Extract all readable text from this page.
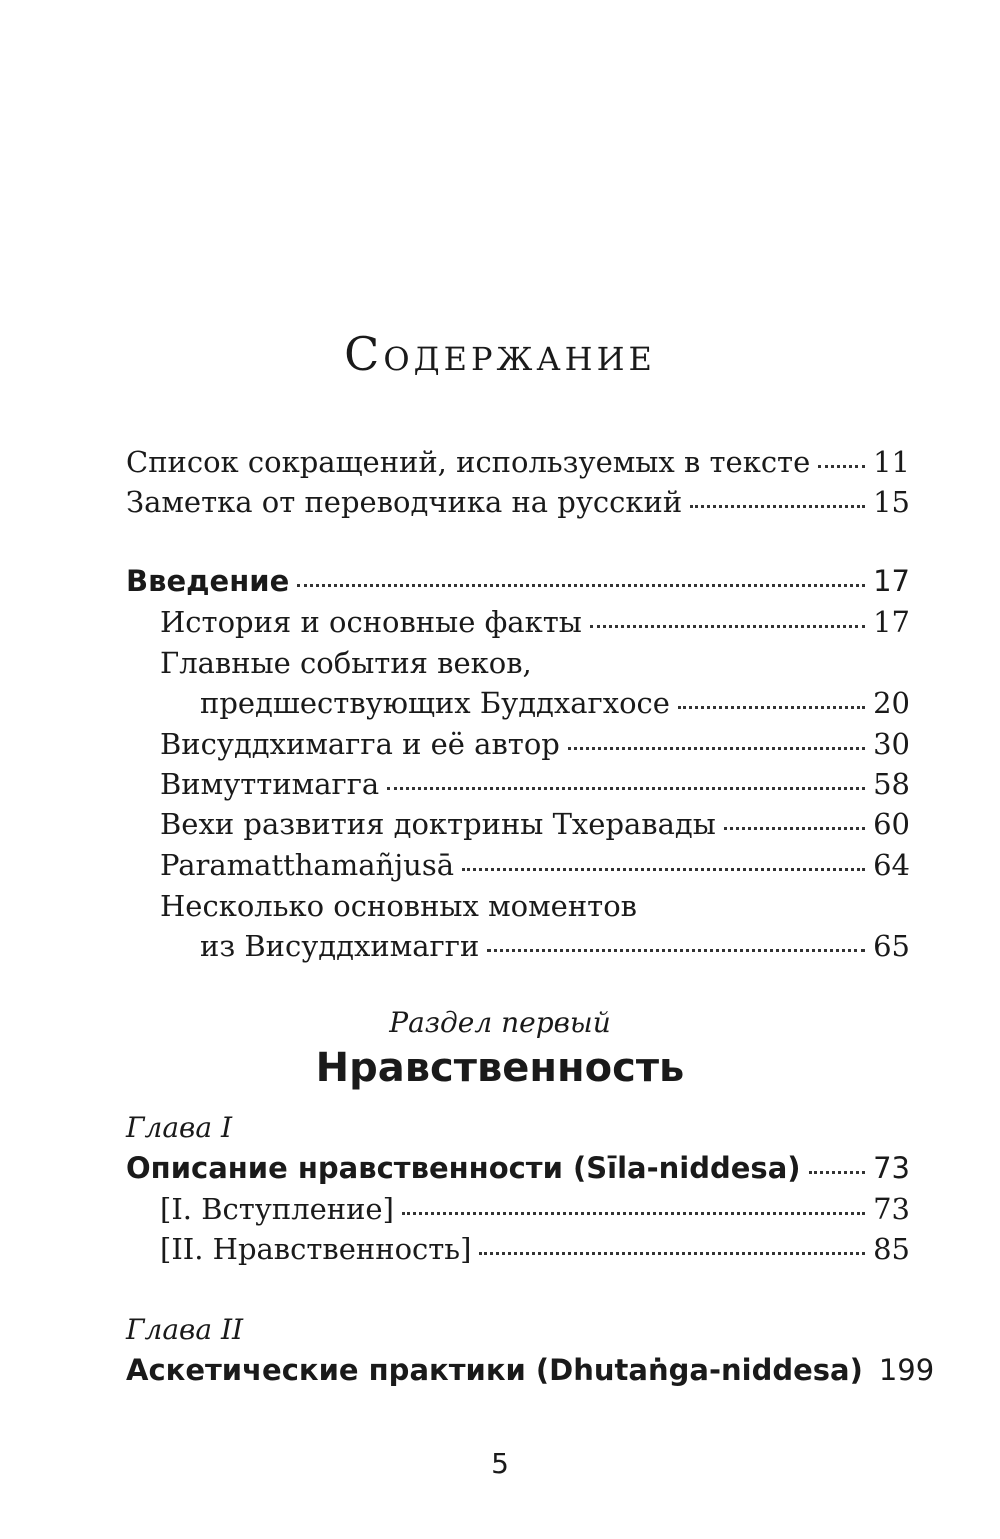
Содержание
Список сокращений, используемых в тексте 11
Заметка от переводчика на русский	15
Введение	17
История и основные факты	17
Главные события веков,
предшествующих Буддхагхосе	20
Висуддхимагга и её автор	30
Вимуттимагга	58
Вехи развития доктрины Тхеравады	60
Paramatthamañjusā	64
Несколько основных моментов
из Висуддхимагги	65
Раздел первый
Нравственность
Глава I
Описание нравственности (Sīla-niddesa)	73
[I. Вступление]	73
[II. Нравственность]	85
Глава II
Аскетические практики (Dhutaṅga-niddesa) 199
5
